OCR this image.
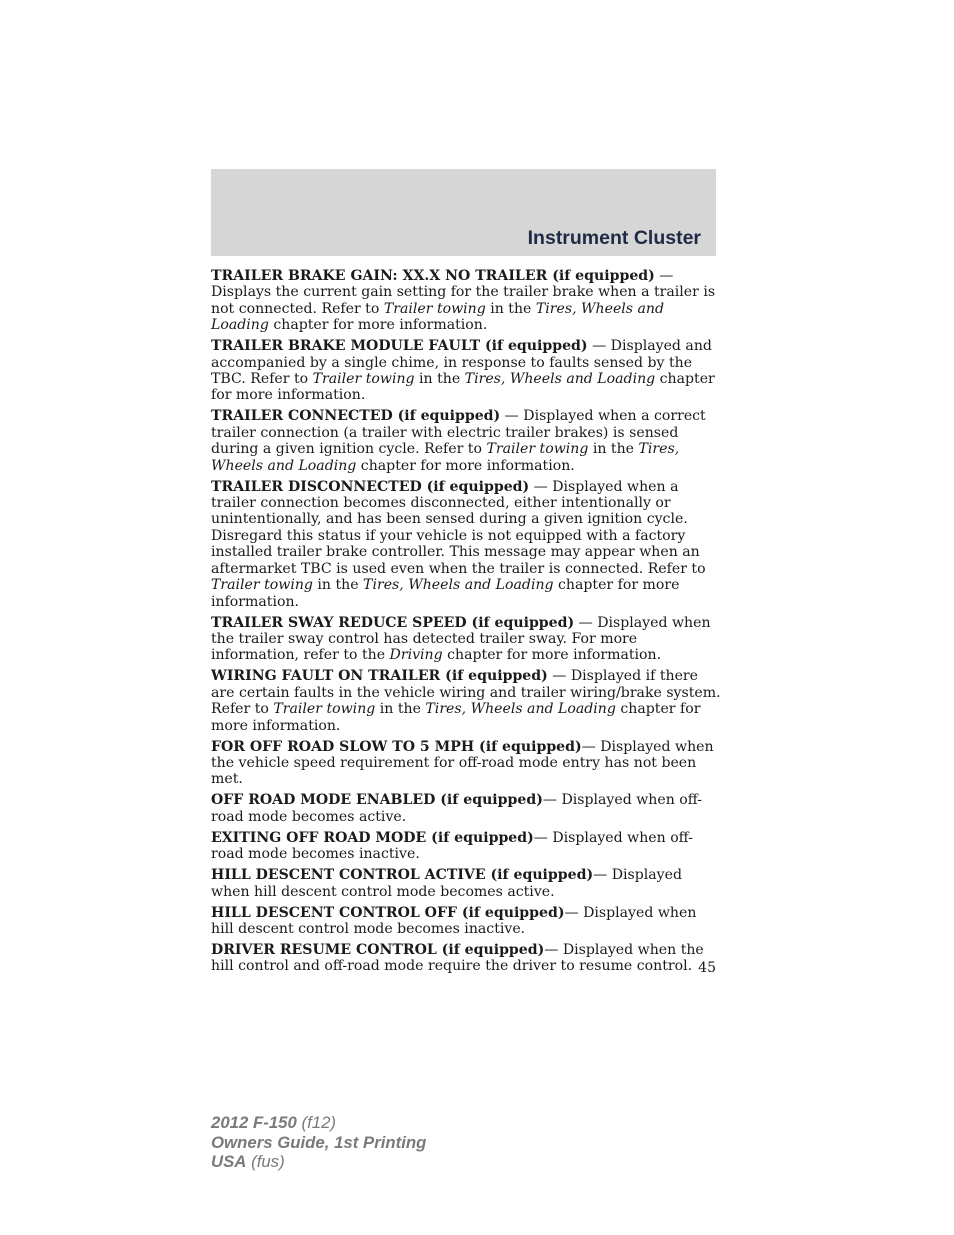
Instrument Cluster

TRAILER BRAKE GAIN: XX.X NO TRAILER (if equipped) —Displays the current gain setting for the trailer brake when a trailer is not connected. Refer to Trailer towing in the Tires, Wheels and Loading chapter for more information.

TRAILER BRAKE MODULE FAULT (if equipped) — Displayed and accompanied by a single chime, in response to faults sensed by the TBC. Refer to Trailer towing in the Tires, Wheels and Loading chapter for more information.

TRAILER CONNECTED (if equipped) — Displayed when a correct trailer connection (a trailer with electric trailer brakes) is sensed during a given ignition cycle. Refer to Trailer towing in the Tires, Wheels and Loading chapter for more information.

TRAILER DISCONNECTED (if equipped) — Displayed when a trailer connection becomes disconnected, either intentionally or unintentionally, and has been sensed during a given ignition cycle. Disregard this status if your vehicle is not equipped with a factory installed trailer brake controller. This message may appear when an aftermarket TBC is used even when the trailer is connected. Refer to Trailer towing in the Tires, Wheels and Loading chapter for more information.

TRAILER SWAY REDUCE SPEED (if equipped) — Displayed when the trailer sway control has detected trailer sway. For more information, refer to the Driving chapter for more information.

WIRING FAULT ON TRAILER (if equipped) — Displayed if there are certain faults in the vehicle wiring and trailer wiring/brake system. Refer to Trailer towing in the Tires, Wheels and Loading chapter for more information.

FOR OFF ROAD SLOW TO 5 MPH (if equipped)— Displayed when the vehicle speed requirement for off-road mode entry has not been met.

OFF ROAD MODE ENABLED (if equipped)— Displayed when off-road mode becomes active.

EXITING OFF ROAD MODE (if equipped)— Displayed when off-road mode becomes inactive.

HILL DESCENT CONTROL ACTIVE (if equipped)— Displayed when hill descent control mode becomes active.

HILL DESCENT CONTROL OFF (if equipped)— Displayed when hill descent control mode becomes inactive.

DRIVER RESUME CONTROL (if equipped)— Displayed when the hill control and off-road mode require the driver to resume control. 45
2012 F-150 (f12)
Owners Guide, 1st Printing
USA (fus)
